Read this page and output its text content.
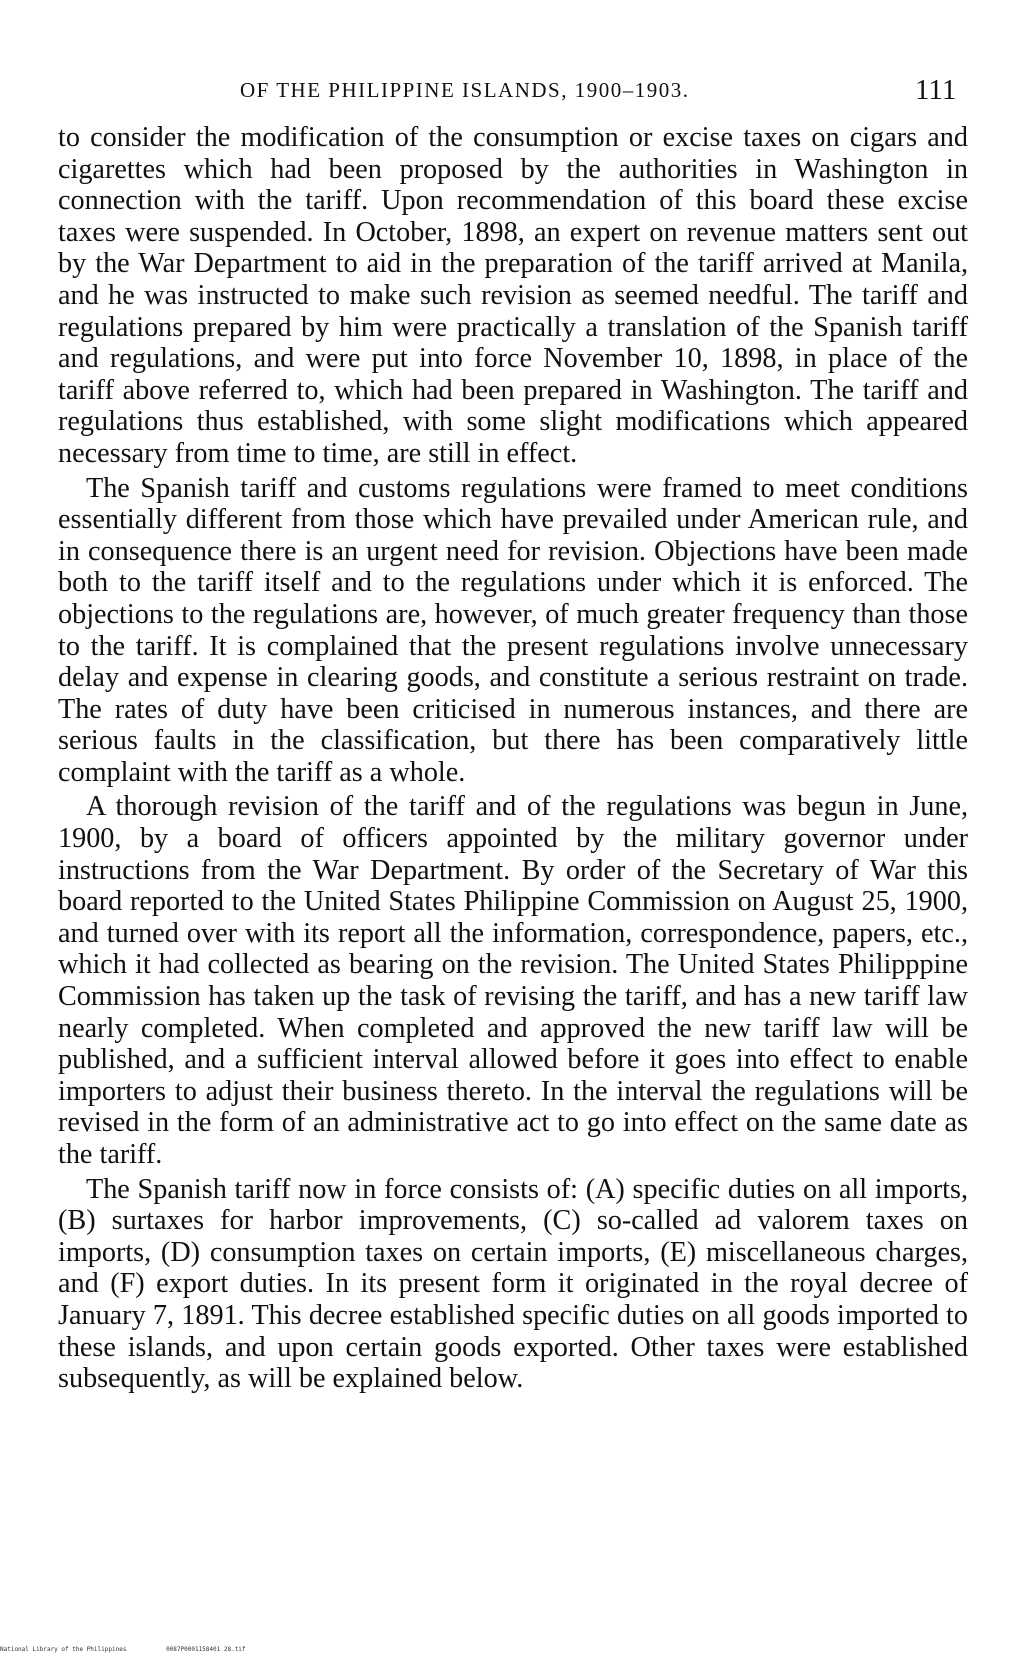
OF THE PHILIPPINE ISLANDS, 1900–1903.	111

to consider the modification of the consumption or excise taxes on cigars and cigarettes which had been proposed by the authorities in Washington in connection with the tariff. Upon recommendation of this board these excise taxes were suspended. In October, 1898, an expert on revenue matters sent out by the War Department to aid in the preparation of the tariff arrived at Manila, and he was instructed to make such revision as seemed needful. The tariff and regulations prepared by him were practically a translation of the Spanish tariff and regulations, and were put into force November 10, 1898, in place of the tariff above referred to, which had been prepared in Washington. The tariff and regulations thus established, with some slight modifications which appeared necessary from time to time, are still in effect.

The Spanish tariff and customs regulations were framed to meet conditions essentially different from those which have prevailed under American rule, and in consequence there is an urgent need for revision. Objections have been made both to the tariff itself and to the regulations under which it is enforced. The objections to the regulations are, however, of much greater frequency than those to the tariff. It is complained that the present regulations involve unnecessary delay and expense in clearing goods, and constitute a serious restraint on trade. The rates of duty have been criticised in numerous instances, and there are serious faults in the classification, but there has been comparatively little complaint with the tariff as a whole.

A thorough revision of the tariff and of the regulations was begun in June, 1900, by a board of officers appointed by the military governor under instructions from the War Department. By order of the Secretary of War this board reported to the United States Philippine Commission on August 25, 1900, and turned over with its report all the information, correspondence, papers, etc., which it had collected as bearing on the revision. The United States Philipppine Commission has taken up the task of revising the tariff, and has a new tariff law nearly completed. When completed and approved the new tariff law will be published, and a sufficient interval allowed before it goes into effect to enable importers to adjust their business thereto. In the interval the regulations will be revised in the form of an administrative act to go into effect on the same date as the tariff.

The Spanish tariff now in force consists of: (A) specific duties on all imports, (B) surtaxes for harbor improvements, (C) so-called ad valorem taxes on imports, (D) consumption taxes on certain imports, (E) miscellaneous charges, and (F) export duties. In its present form it originated in the royal decree of January 7, 1891. This decree established specific duties on all goods imported to these islands, and upon certain goods exported. Other taxes were established subsequently, as will be explained below.

National Library of the Philippines	0087P0001158401 28.tif
